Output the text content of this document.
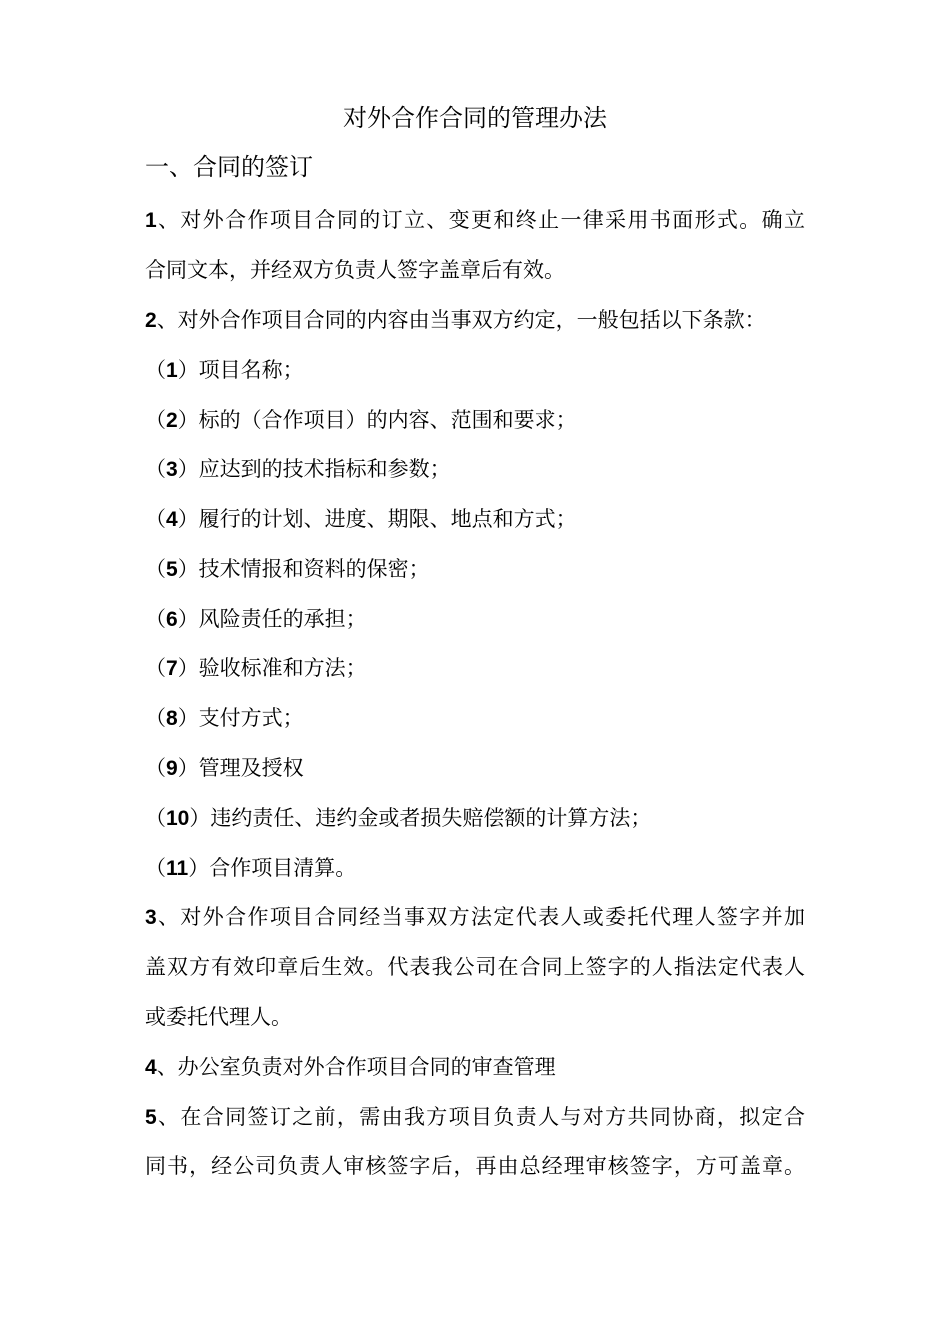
对外合作合同的管理办法
一、合同的签订
1、对外合作项目合同的订立、变更和终止一律采用书面形式。确立
合同文本，并经双方负责人签字盖章后有效。
2、对外合作项目合同的内容由当事双方约定，一般包括以下条款：
（1）项目名称；
（2）标的（合作项目）的内容、范围和要求；
（3）应达到的技术指标和参数；
（4）履行的计划、进度、期限、地点和方式；
（5）技术情报和资料的保密；
（6）风险责任的承担；
（7）验收标准和方法；
（8）支付方式；
（9）管理及授权
（10）违约责任、违约金或者损失赔偿额的计算方法；
（11）合作项目清算。
3、对外合作项目合同经当事双方法定代表人或委托代理人签字并加
盖双方有效印章后生效。代表我公司在合同上签字的人指法定代表人
或委托代理人。
4、办公室负责对外合作项目合同的审查管理
5、在合同签订之前，需由我方项目负责人与对方共同协商，拟定合
同书，经公司负责人审核签字后，再由总经理审核签字，方可盖章。
